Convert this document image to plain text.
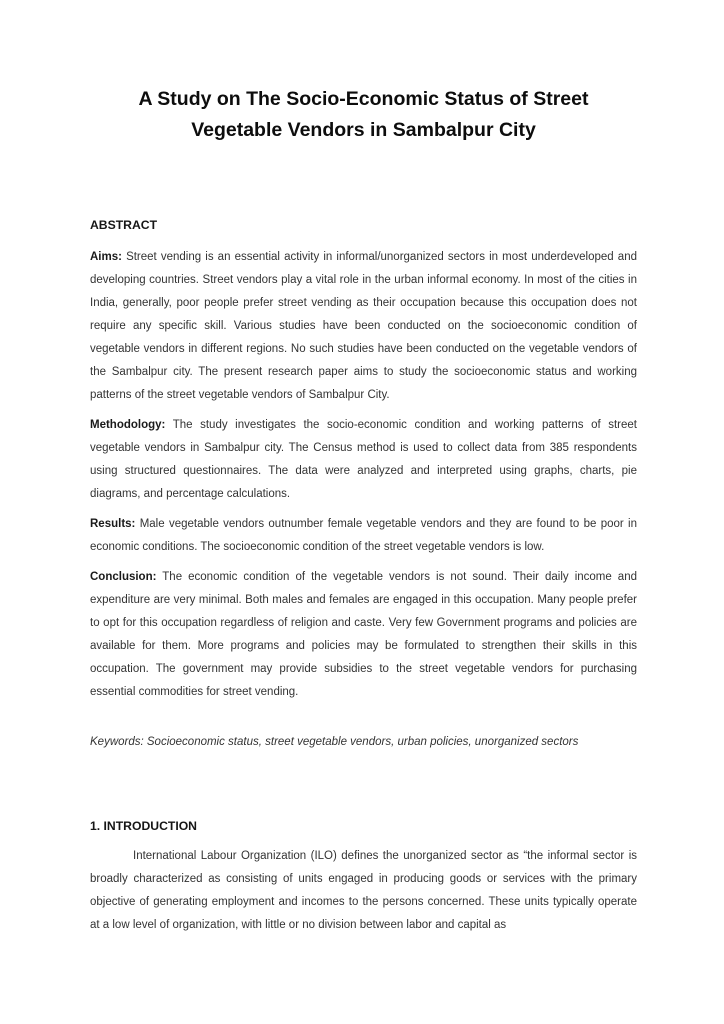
A Study on The Socio-Economic Status of Street Vegetable Vendors in Sambalpur City
ABSTRACT

Aims: Street vending is an essential activity in informal/unorganized sectors in most underdeveloped and developing countries. Street vendors play a vital role in the urban informal economy. In most of the cities in India, generally, poor people prefer street vending as their occupation because this occupation does not require any specific skill. Various studies have been conducted on the socioeconomic condition of vegetable vendors in different regions. No such studies have been conducted on the vegetable vendors of the Sambalpur city. The present research paper aims to study the socioeconomic status and working patterns of the street vegetable vendors of Sambalpur City.

Methodology: The study investigates the socio-economic condition and working patterns of street vegetable vendors in Sambalpur city. The Census method is used to collect data from 385 respondents using structured questionnaires. The data were analyzed and interpreted using graphs, charts, pie diagrams, and percentage calculations.

Results: Male vegetable vendors outnumber female vegetable vendors and they are found to be poor in economic conditions. The socioeconomic condition of the street vegetable vendors is low.

Conclusion: The economic condition of the vegetable vendors is not sound. Their daily income and expenditure are very minimal. Both males and females are engaged in this occupation. Many people prefer to opt for this occupation regardless of religion and caste. Very few Government programs and policies are available for them. More programs and policies may be formulated to strengthen their skills in this occupation. The government may provide subsidies to the street vegetable vendors for purchasing essential commodities for street vending.

Keywords: Socioeconomic status, street vegetable vendors, urban policies, unorganized sectors

1. INTRODUCTION

International Labour Organization (ILO) defines the unorganized sector as “the informal sector is broadly characterized as consisting of units engaged in producing goods or services with the primary objective of generating employment and incomes to the persons concerned. These units typically operate at a low level of organization, with little or no division between labor and capital as
